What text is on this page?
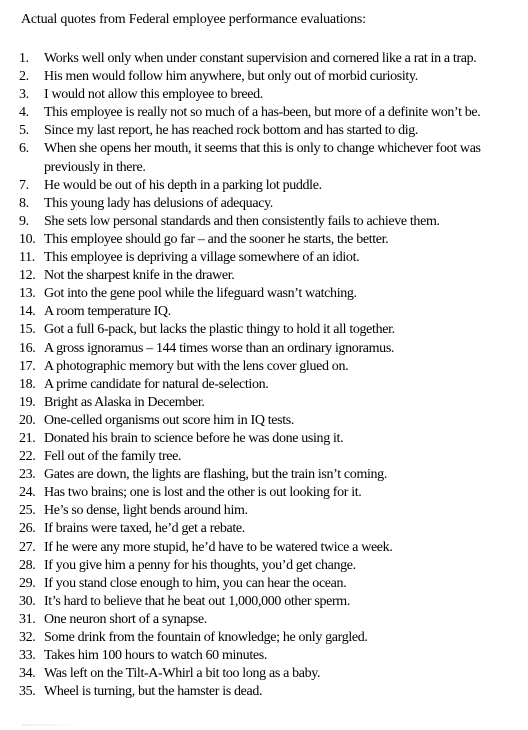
Actual quotes from Federal employee performance evaluations:
1.	Works well only when under constant supervision and cornered like a rat in a trap.
2.	His men would follow him anywhere, but only out of morbid curiosity.
3.	I would not allow this employee to breed.
4.	This employee is really not so much of a has-been, but more of a definite won’t be.
5.	Since my last report, he has reached rock bottom and has started to dig.
6.	When she opens her mouth, it seems that this is only to change whichever foot was previously in there.
7.	He would be out of his depth in a parking lot puddle.
8.	This young lady has delusions of adequacy.
9.	She sets low personal standards and then consistently fails to achieve them.
10. This employee should go far – and the sooner he starts, the better.
11. This employee is depriving a village somewhere of an idiot.
12. Not the sharpest knife in the drawer.
13. Got into the gene pool while the lifeguard wasn’t watching.
14. A room temperature IQ.
15. Got a full 6-pack, but lacks the plastic thingy to hold it all together.
16. A gross ignoramus – 144 times worse than an ordinary ignoramus.
17. A photographic memory but with the lens cover glued on.
18. A prime candidate for natural de-selection.
19. Bright as Alaska in December.
20. One-celled organisms out score him in IQ tests.
21. Donated his brain to science before he was done using it.
22. Fell out of the family tree.
23. Gates are down, the lights are flashing, but the train isn’t coming.
24. Has two brains; one is lost and the other is out looking for it.
25. He’s so dense, light bends around him.
26. If brains were taxed, he’d get a rebate.
27. If he were any more stupid, he’d have to be watered twice a week.
28. If you give him a penny for his thoughts, you’d get change.
29. If you stand close enough to him, you can hear the ocean.
30. It’s hard to believe that he beat out 1,000,000 other sperm.
31. One neuron short of a synapse.
32. Some drink from the fountain of knowledge; he only gargled.
33. Takes him 100 hours to watch 60 minutes.
34. Was left on the Tilt-A-Whirl a bit too long as a baby.
35. Wheel is turning, but the hamster is dead.
